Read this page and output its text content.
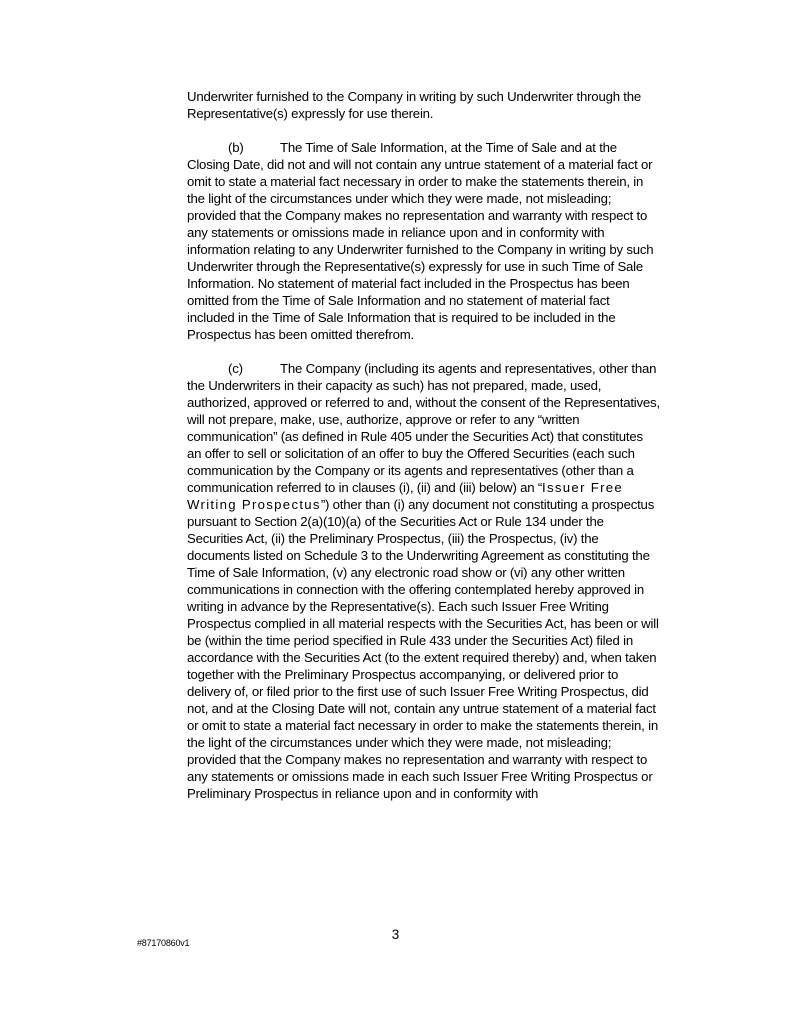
Underwriter furnished to the Company in writing by such Underwriter through the Representative(s) expressly for use therein.

(b)	The Time of Sale Information, at the Time of Sale and at the Closing Date, did not and will not contain any untrue statement of a material fact or omit to state a material fact necessary in order to make the statements therein, in the light of the circumstances under which they were made, not misleading; provided that the Company makes no representation and warranty with respect to any statements or omissions made in reliance upon and in conformity with information relating to any Underwriter furnished to the Company in writing by such Underwriter through the Representative(s) expressly for use in such Time of Sale Information. No statement of material fact included in the Prospectus has been omitted from the Time of Sale Information and no statement of material fact included in the Time of Sale Information that is required to be included in the Prospectus has been omitted therefrom.

(c)	The Company (including its agents and representatives, other than the Underwriters in their capacity as such) has not prepared, made, used, authorized, approved or referred to and, without the consent of the Representatives, will not prepare, make, use, authorize, approve or refer to any “written communication” (as defined in Rule 405 under the Securities Act) that constitutes an offer to sell or solicitation of an offer to buy the Offered Securities (each such communication by the Company or its agents and representatives (other than a communication referred to in clauses (i), (ii) and (iii) below) an “Issuer Free Writing Prospectus”) other than (i) any document not constituting a prospectus pursuant to Section 2(a)(10)(a) of the Securities Act or Rule 134 under the Securities Act, (ii) the Preliminary Prospectus, (iii) the Prospectus, (iv) the documents listed on Schedule 3 to the Underwriting Agreement as constituting the Time of Sale Information, (v) any electronic road show or (vi) any other written communications in connection with the offering contemplated hereby approved in writing in advance by the Representative(s). Each such Issuer Free Writing Prospectus complied in all material respects with the Securities Act, has been or will be (within the time period specified in Rule 433 under the Securities Act) filed in accordance with the Securities Act (to the extent required thereby) and, when taken together with the Preliminary Prospectus accompanying, or delivered prior to delivery of, or filed prior to the first use of such Issuer Free Writing Prospectus, did not, and at the Closing Date will not, contain any untrue statement of a material fact or omit to state a material fact necessary in order to make the statements therein, in the light of the circumstances under which they were made, not misleading; provided that the Company makes no representation and warranty with respect to any statements or omissions made in each such Issuer Free Writing Prospectus or Preliminary Prospectus in reliance upon and in conformity with

3
#87170860v1
